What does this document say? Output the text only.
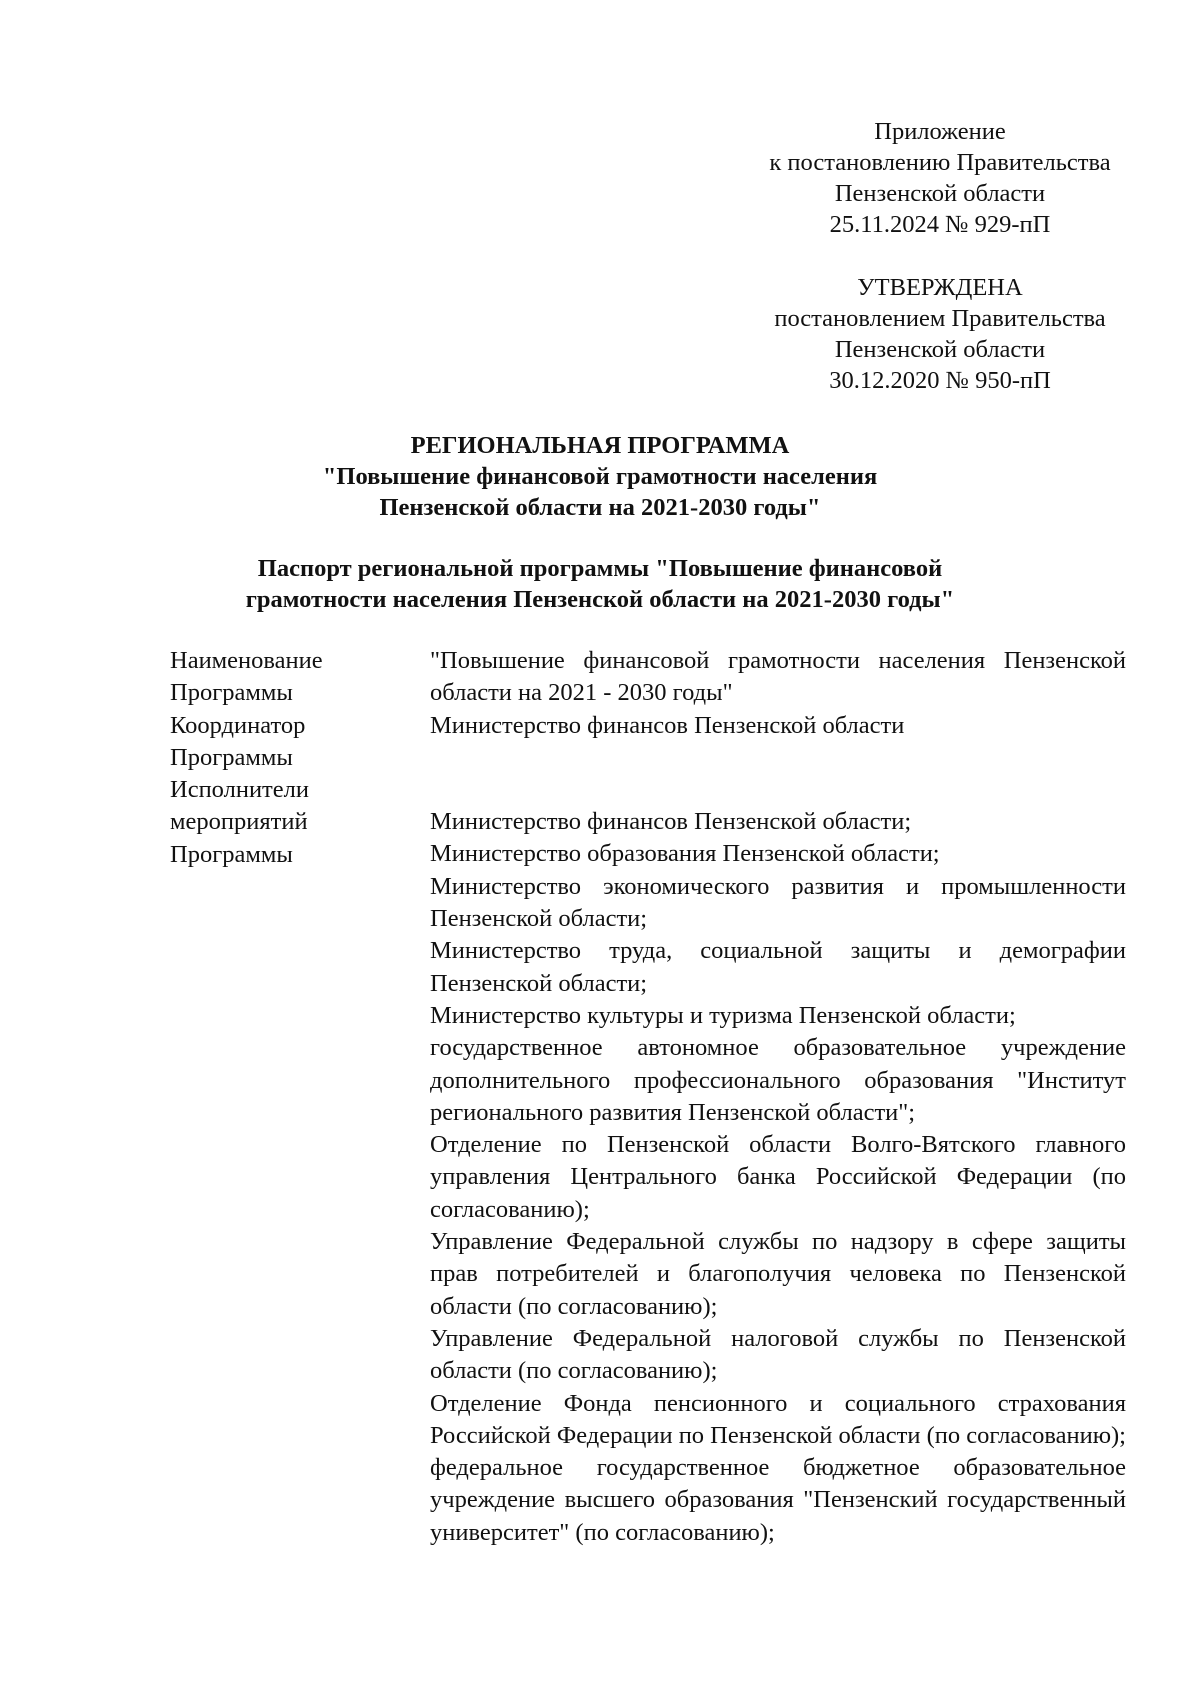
Приложение
к постановлению Правительства
Пензенской области
25.11.2024 № 929-пП
УТВЕРЖДЕНА
постановлением Правительства
Пензенской области
30.12.2020 № 950-пП
РЕГИОНАЛЬНАЯ ПРОГРАММА
"Повышение финансовой грамотности населения
Пензенской области на 2021-2030 годы"
Паспорт региональной программы "Повышение финансовой
грамотности населения Пензенской области на 2021-2030 годы"
Наименование
Программы
"Повышение финансовой грамотности населения Пензенской области на 2021 - 2030 годы"
Координатор
Программы
Министерство финансов Пензенской области
Исполнители
мероприятий
Программы
Министерство финансов Пензенской области;
Министерство образования Пензенской области;
Министерство экономического развития и промышленности Пензенской области;
Министерство труда, социальной защиты и демографии Пензенской области;
Министерство культуры и туризма Пензенской области;
государственное автономное образовательное учреждение дополнительного профессионального образования "Институт регионального развития Пензенской области";
Отделение по Пензенской области Волго-Вятского главного управления Центрального банка Российской Федерации (по согласованию);
Управление Федеральной службы по надзору в сфере защиты прав потребителей и благополучия человека по Пензенской области (по согласованию);
Управление Федеральной налоговой службы по Пензенской области (по согласованию);
Отделение Фонда пенсионного и социального страхования Российской Федерации по Пензенской области (по согласованию);
федеральное государственное бюджетное образовательное учреждение высшего образования "Пензенский государственный университет" (по согласованию);
